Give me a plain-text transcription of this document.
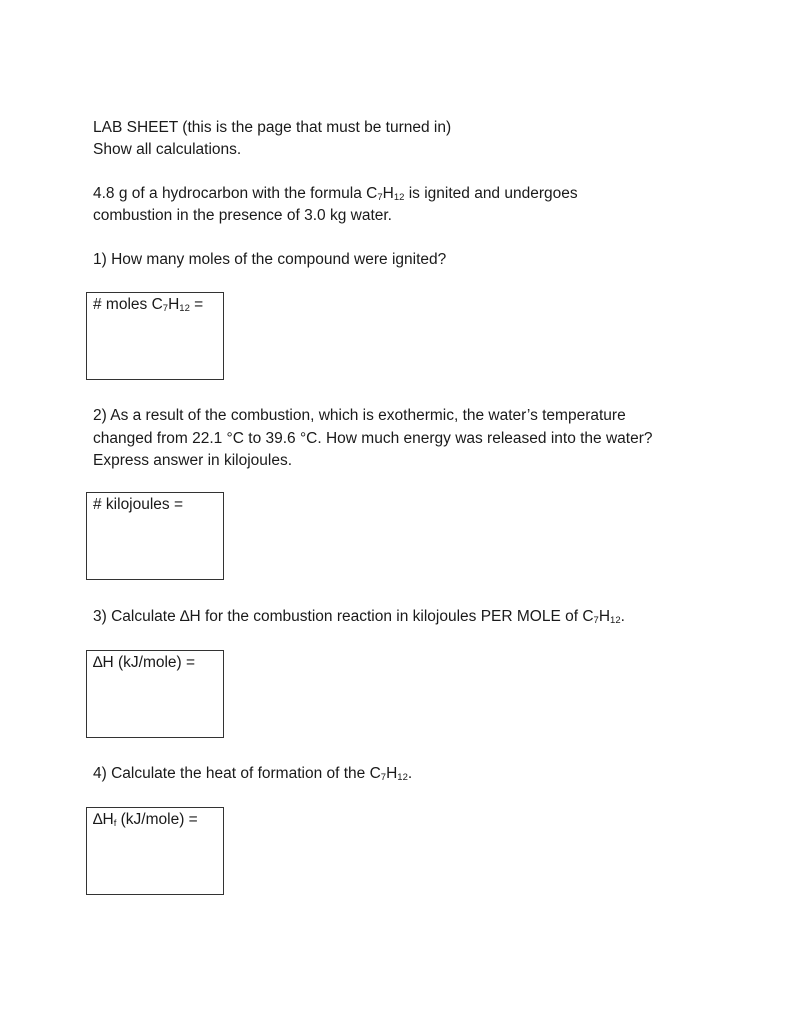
LAB SHEET (this is the page that must be turned in)
Show all calculations.
4.8 g of a hydrocarbon with the formula $C_7H_{12}$ is ignited and undergoes
combustion in the presence of 3.0 kg water.
1) How many moles of the compound were ignited?
# moles $C_7H_{12}$ =
2) As a result of the combustion, which is exothermic, the water’s temperature
changed from 22.1 °C to 39.6 °C. How much energy was released into the water?
Express answer in kilojoules.
# kilojoules =
3) Calculate ∆H for the combustion reaction in kilojoules PER MOLE of $C_7H_{12}$.
∆H (kJ/mole) =
4) Calculate the heat of formation of the $C_7H_{12}$.
$\Delta H_f$ (kJ/mole) =
